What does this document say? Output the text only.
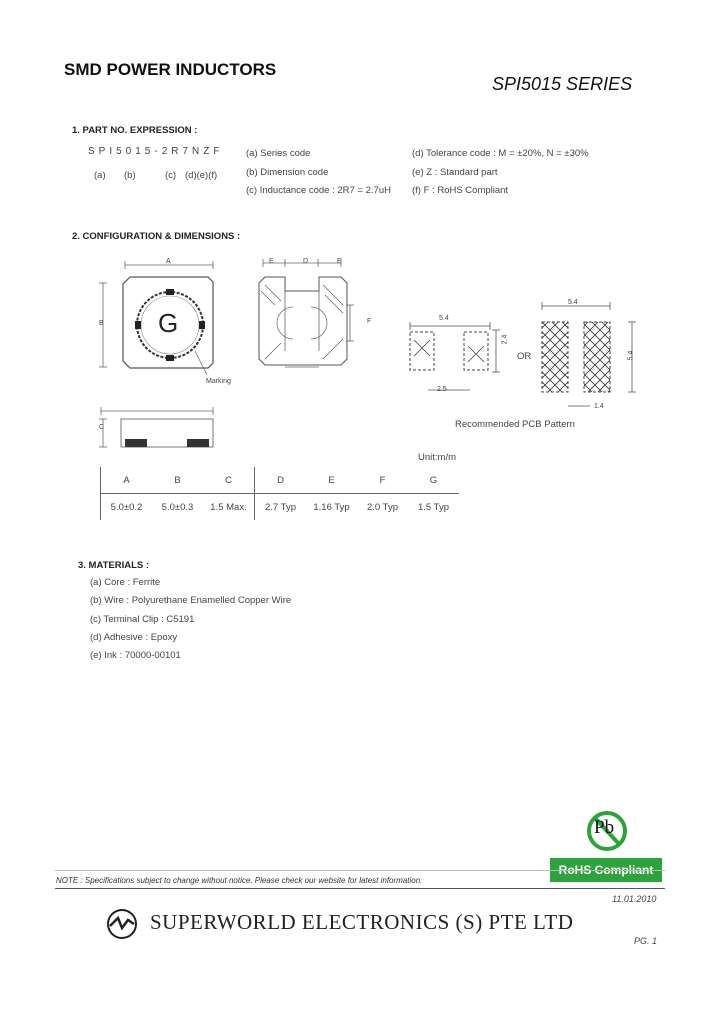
SMD POWER INDUCTORS
SPI5015 SERIES
1. PART NO. EXPRESSION :
SPI5015-2R7NZF
(a) (b)	(c) (d)(e)(f)
(a) Series code
(b) Dimension code
(c) Inductance code : 2R7 = 2.7uH
(d) Tolerance code : M = ±20%, N = ±30%
(e) Z : Standard part
(f) F : RoHS Compliant
2. CONFIGURATION & DIMENSIONS :
G
A
B
Marking
E	D	E
F
C
5.4
2.4
2.5
OR
5.4
5.4
1.4
Recommended PCB Pattern
Unit:m/m
A	B	C	D	E	F	G
5.0±0.2	5.0±0.3	1.5 Max.	2.7 Typ	1.16 Typ	2.0 Typ	1.5 Typ
3. MATERIALS :
(a) Core : Ferrite
(b) Wire : Polyurethane Enamelled Copper Wire
(c) Terminal Clip : C5191
(d) Adhesive : Epoxy
(e) Ink : 70000-00101
Pb
RoHS Compliant
NOTE : Specifications subject to change without notice. Please check our website for latest information.
11.01.2010
SUPERWORLD ELECTRONICS (S) PTE LTD
PG. 1
